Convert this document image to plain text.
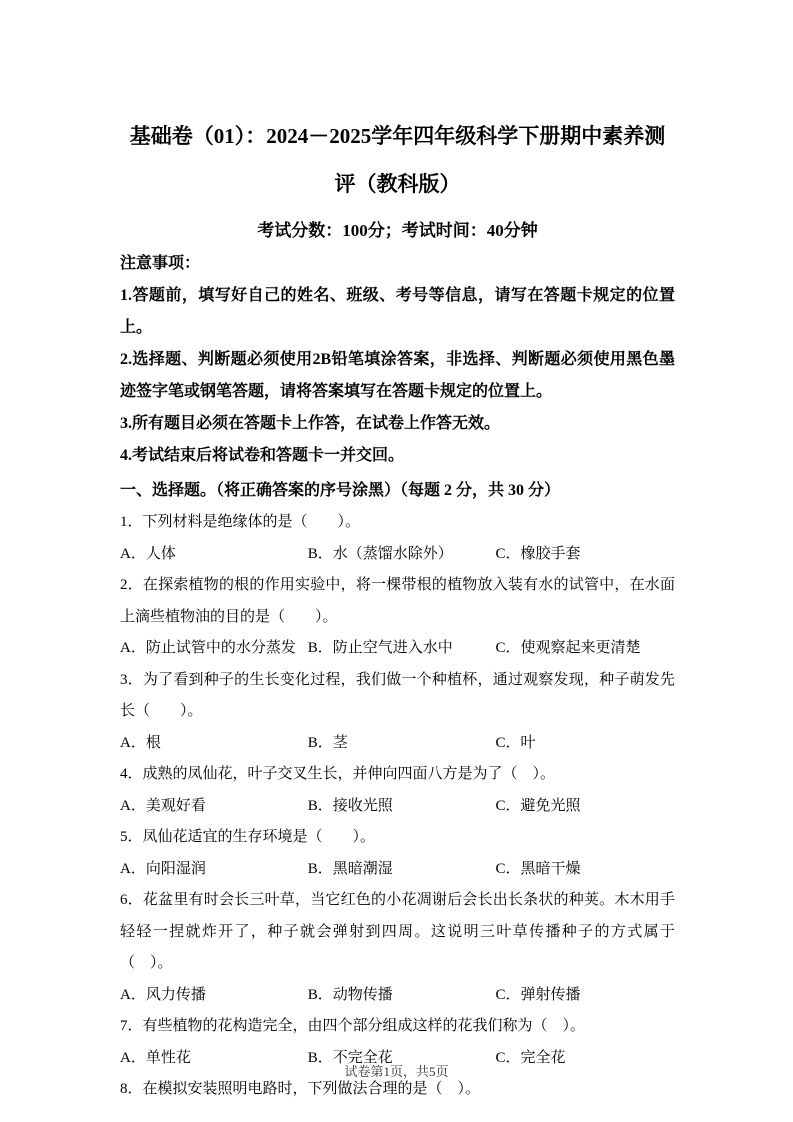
基础卷（01）：2024－2025学年四年级科学下册期中素养测评（教科版）
考试分数：100分；考试时间：40分钟
注意事项：
1.答题前，填写好自己的姓名、班级、考号等信息，请写在答题卡规定的位置上。
2.选择题、判断题必须使用2B铅笔填涂答案，非选择、判断题必须使用黑色墨迹签字笔或钢笔答题，请将答案填写在答题卡规定的位置上。
3.所有题目必须在答题卡上作答，在试卷上作答无效。
4.考试结束后将试卷和答题卡一并交回。
一、选择题。（将正确答案的序号涂黑）（每题 2 分，共 30 分）
1．下列材料是绝缘体的是（　　）。
A．人体	B．水（蒸馏水除外）	C．橡胶手套
2．在探索植物的根的作用实验中，将一棵带根的植物放入装有水的试管中，在水面上滴些植物油的目的是（　　）。
A．防止试管中的水分蒸发 B．防止空气进入水中	C．使观察起来更清楚
3．为了看到种子的生长变化过程，我们做一个种植杯，通过观察发现，种子萌发先长（　　）。
A．根	B．茎	C．叶
4．成熟的凤仙花，叶子交叉生长，并伸向四面八方是为了（　）。
A．美观好看	B．接收光照	C．避免光照
5．凤仙花适宜的生存环境是（　　）。
A．向阳湿润	B．黑暗潮湿	C．黑暗干燥
6．花盆里有时会长三叶草，当它红色的小花凋谢后会长出长条状的种荚。木木用手轻轻一捏就炸开了，种子就会弹射到四周。这说明三叶草传播种子的方式属于（　）。
A．风力传播	B．动物传播	C．弹射传播
7．有些植物的花构造完全，由四个部分组成这样的花我们称为（　）。
A．单性花	B．不完全花	C．完全花
8．在模拟安装照明电路时，下列做法合理的是（　）。
试卷第1页，共5页
